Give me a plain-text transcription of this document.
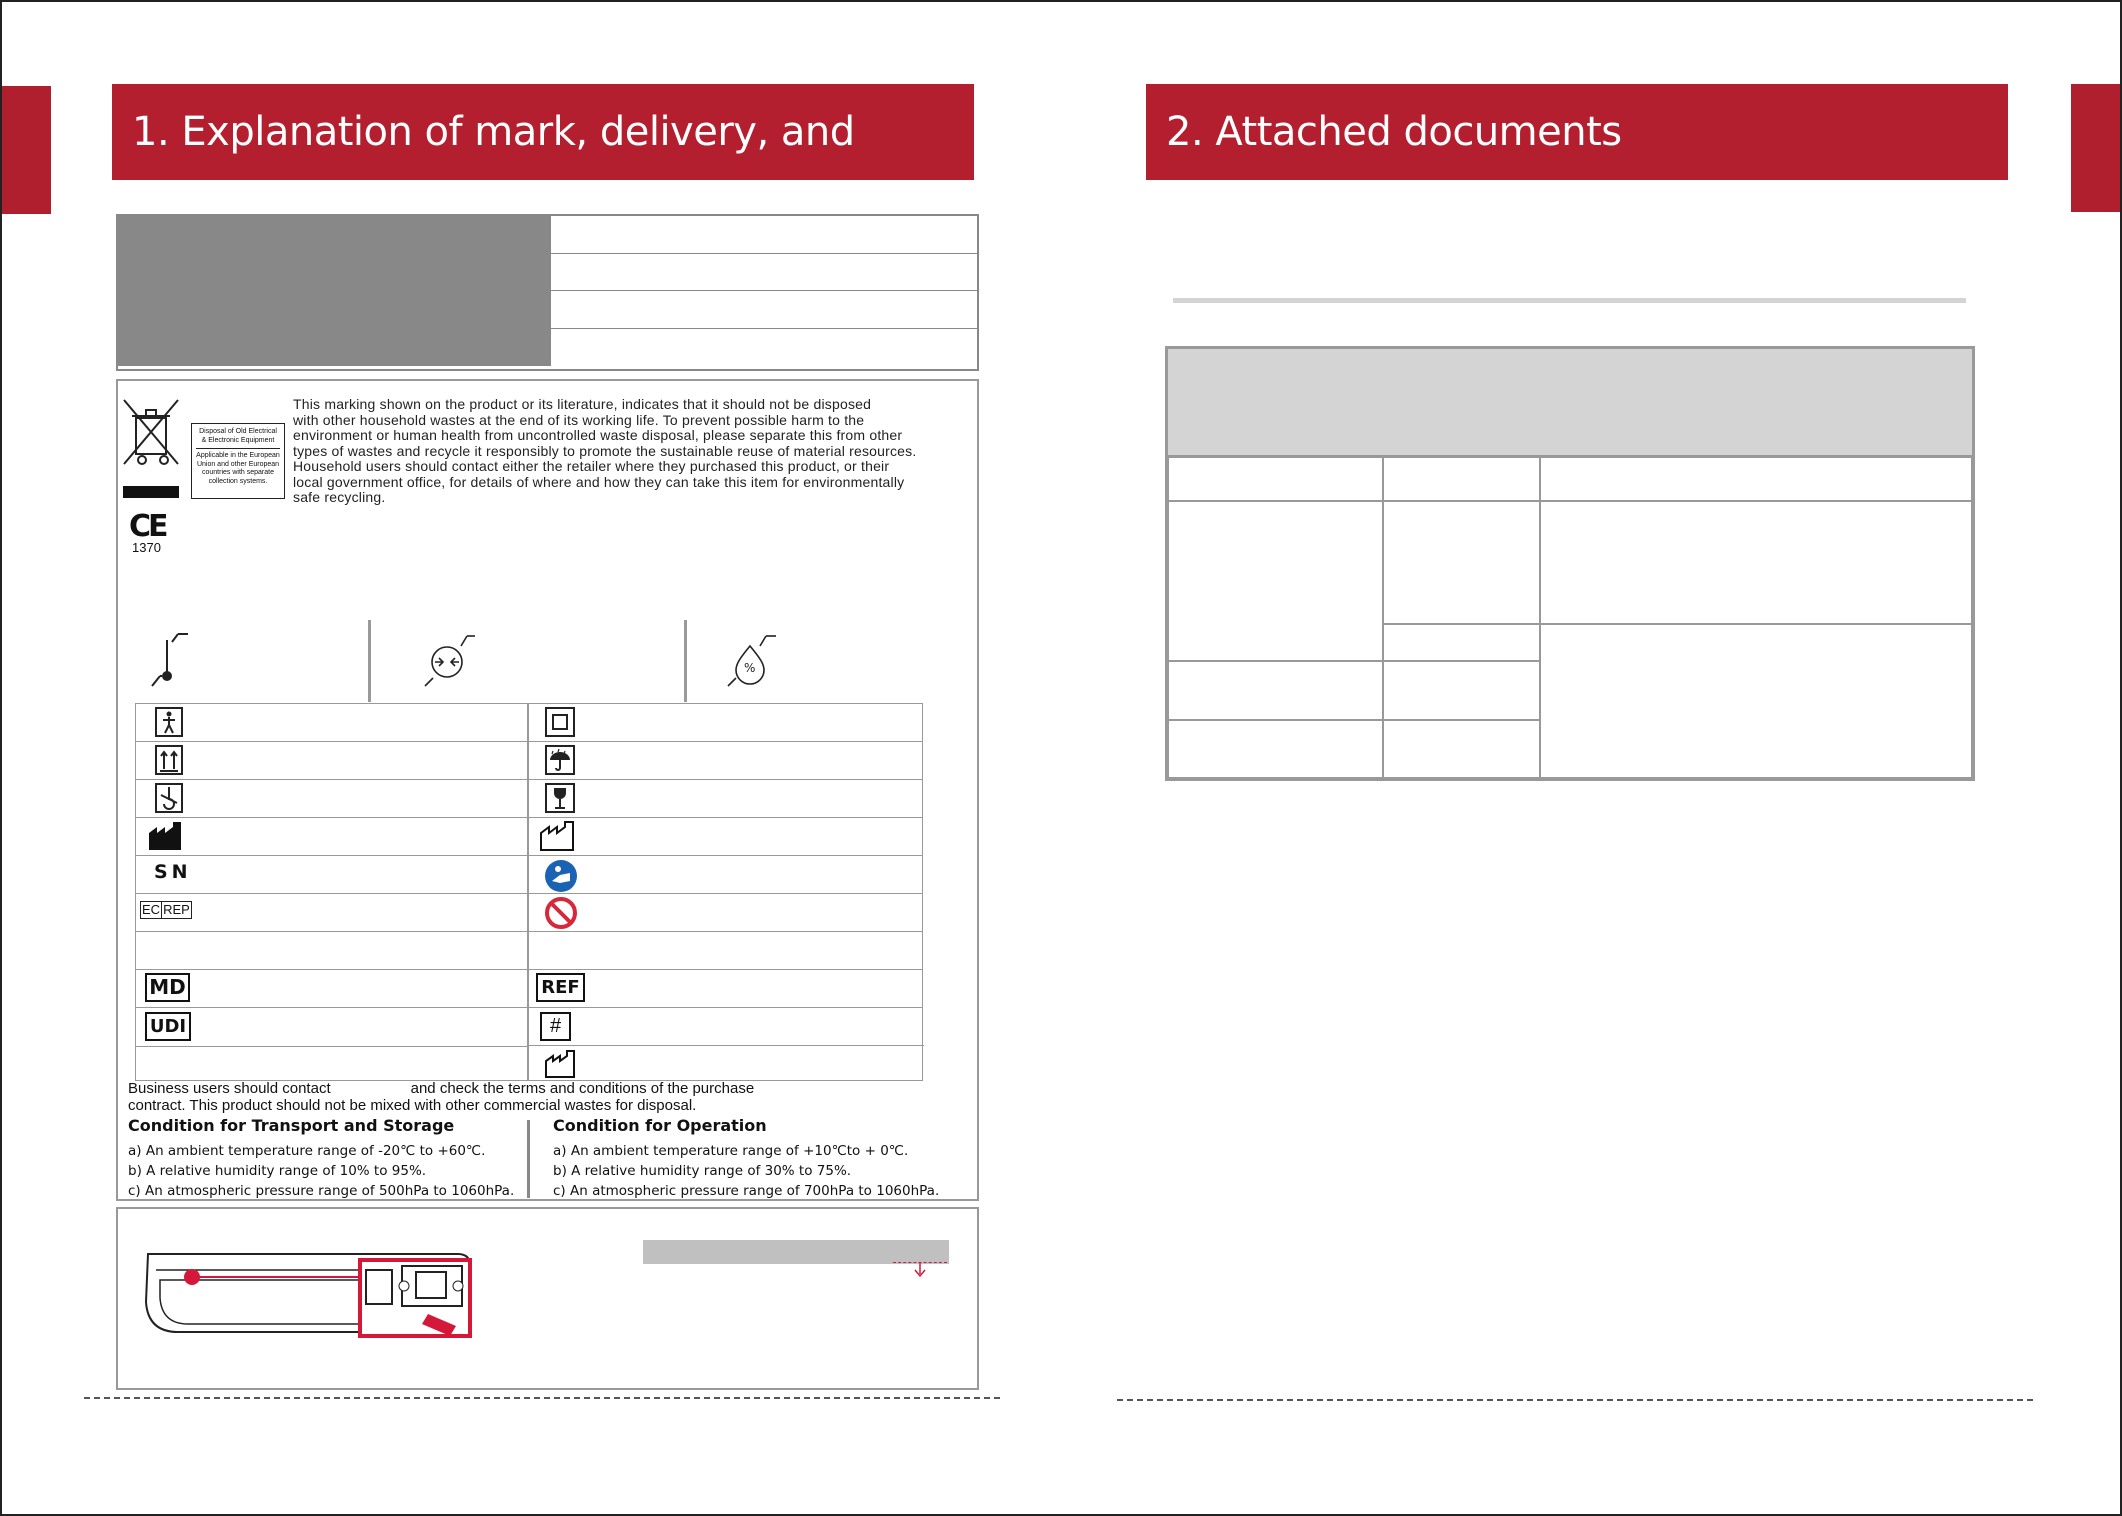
1. Explanation of mark, delivery, and
Disposal of Old Electrical
& Electronic Equipment
Applicable in the European
Union and other European
countries with separate
collection systems.
This marking shown on the product or its literature, indicates that it should not be disposed
with other household wastes at the end of its working life. To prevent possible harm to the
environment or human health from uncontrolled waste disposal, please separate this from other
types of wastes and recycle it responsibly to promote the sustainable reuse of material resources.
Household users should contact either the retailer where they purchased this product, or their
local government office, for details of where and how they can take this item for environmentally
safe recycling.
CE
1370
%
SN
EC REP
MD
UDI
REF
#
Business users should contact	and check the terms and conditions of the purchase
contract. This product should not be mixed with other commercial wastes for disposal.
Condition for Transport and Storage

a) An ambient temperature range of -20℃ to +60℃.

b) A relative humidity range of 10% to 95%.

c) An atmospheric pressure range of 500hPa to 1060hPa.

Condition for Operation

a) An ambient temperature range of +10℃to + 0℃.

b) A relative humidity range of 30% to 75%.

c) An atmospheric pressure range of 700hPa to 1060hPa.

2. Attached documents
